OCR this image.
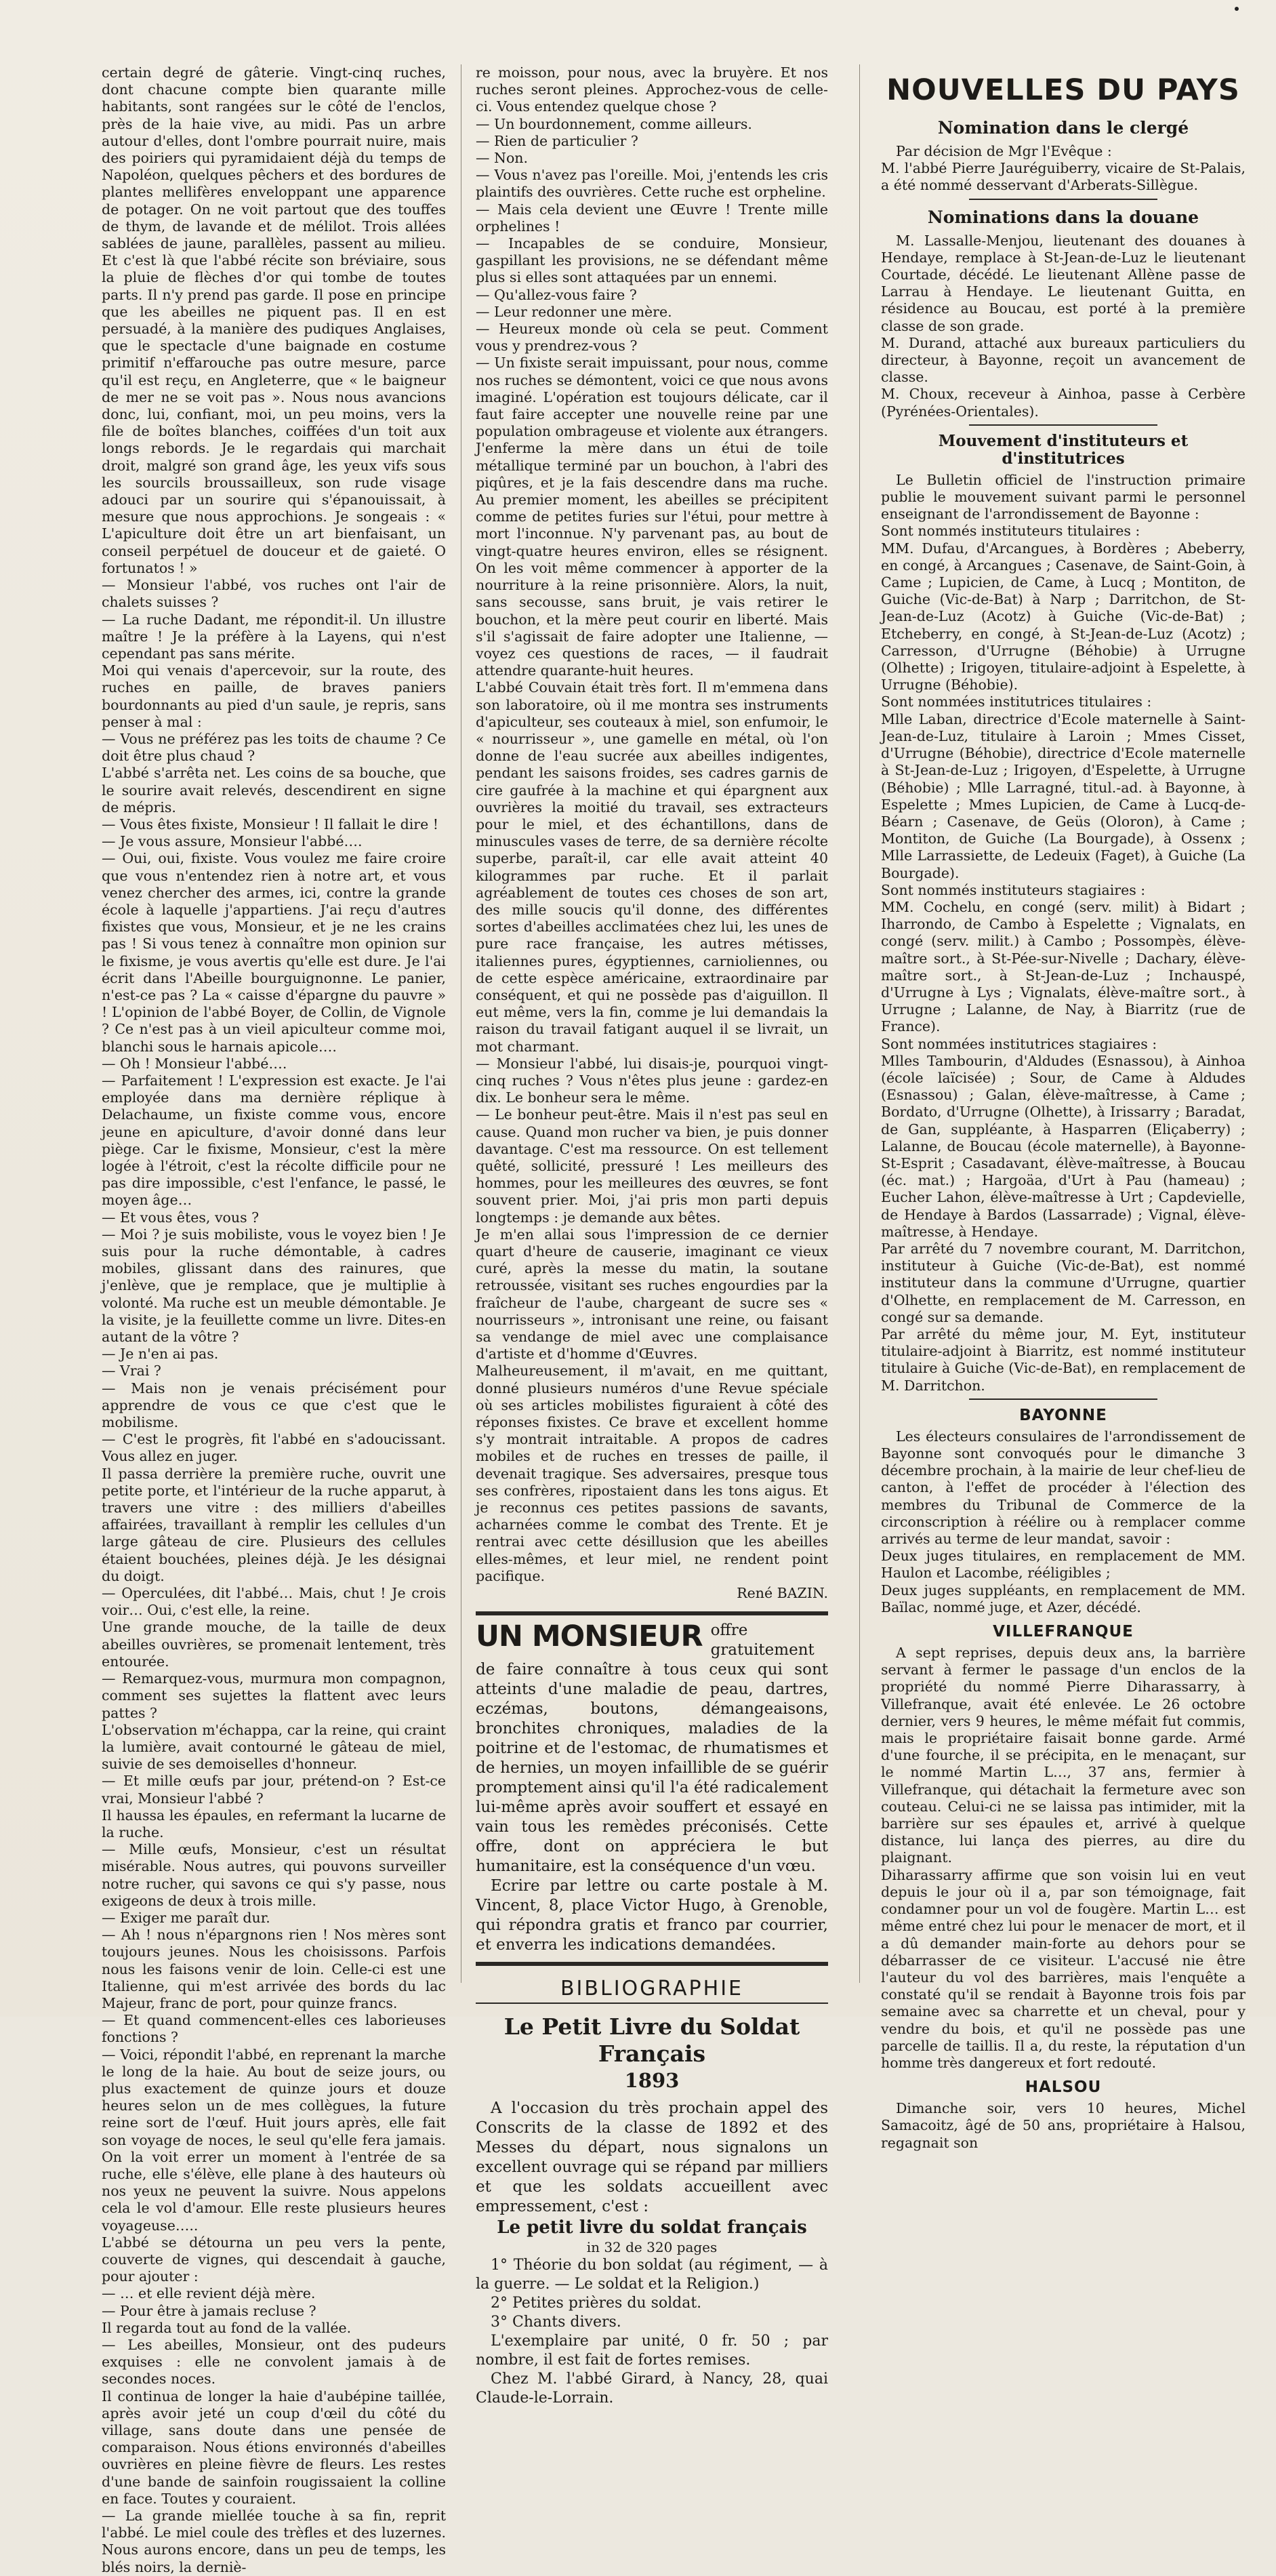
certain degré de gâterie. Vingt-cinq ruches, dont chacune compte bien quarante mille habitants, sont rangées sur le côté de l'enclos, près de la haie vive, au midi. Pas un arbre autour d'elles, dont l'ombre pourrait nuire, mais des poiriers qui pyramidaient déjà du temps de Napoléon, quelques pêchers et des bordures de plantes mellifères enveloppant une apparence de potager. On ne voit partout que des touffes de thym, de lavande et de mélilot. Trois allées sablées de jaune, parallèles, passent au milieu. Et c'est là que l'abbé récite son bréviaire, sous la pluie de flèches d'or qui tombe de toutes parts. Il n'y prend pas garde. Il pose en principe que les abeilles ne piquent pas. Il en est persuadé, à la manière des pudiques Anglaises, que le spectacle d'une baignade en costume primitif n'effarouche pas outre mesure, parce qu'il est reçu, en Angleterre, que « le baigneur de mer ne se voit pas ». Nous nous avancions donc, lui, confiant, moi, un peu moins, vers la file de boîtes blanches, coiffées d'un toit aux longs rebords. Je le regardais qui marchait droit, malgré son grand âge, les yeux vifs sous les sourcils broussailleux, son rude visage adouci par un sourire qui s'épanouissait, à mesure que nous approchions. Je songeais : « L'apiculture doit être un art bienfaisant, un conseil perpétuel de douceur et de gaieté. O fortunatos ! »
— Monsieur l'abbé, vos ruches ont l'air de chalets suisses ?
— La ruche Dadant, me répondit-il. Un illustre maître ! Je la préfère à la Layens, qui n'est cependant pas sans mérite.
Moi qui venais d'apercevoir, sur la route, des ruches en paille, de braves paniers bourdonnants au pied d'un saule, je repris, sans penser à mal :
— Vous ne préférez pas les toits de chaume ? Ce doit être plus chaud ?
L'abbé s'arrêta net. Les coins de sa bouche, que le sourire avait relevés, descendirent en signe de mépris.
— Vous êtes fixiste, Monsieur ! Il fallait le dire !
— Je vous assure, Monsieur l'abbé….
— Oui, oui, fixiste. Vous voulez me faire croire que vous n'entendez rien à notre art, et vous venez chercher des armes, ici, contre la grande école à laquelle j'appartiens. J'ai reçu d'autres fixistes que vous, Monsieur, et je ne les crains pas ! Si vous tenez à connaître mon opinion sur le fixisme, je vous avertis qu'elle est dure. Je l'ai écrit dans l'Abeille bourguignonne. Le panier, n'est-ce pas ? La « caisse d'épargne du pauvre » ! L'opinion de l'abbé Boyer, de Collin, de Vignole ? Ce n'est pas à un vieil apiculteur comme moi, blanchi sous le harnais apicole….
— Oh ! Monsieur l'abbé….
— Parfaitement ! L'expression est exacte. Je l'ai employée dans ma dernière réplique à Delachaume, un fixiste comme vous, encore jeune en apiculture, d'avoir donné dans leur piège. Car le fixisme, Monsieur, c'est la mère logée à l'étroit, c'est la récolte difficile pour ne pas dire impossible, c'est l'enfance, le passé, le moyen âge…
— Et vous êtes, vous ?
— Moi ? je suis mobiliste, vous le voyez bien ! Je suis pour la ruche démontable, à cadres mobiles, glissant dans des rainures, que j'enlève, que je remplace, que je multiplie à volonté. Ma ruche est un meuble démontable. Je la visite, je la feuillette comme un livre. Dites-en autant de la vôtre ?
— Je n'en ai pas.
— Vrai ?
— Mais non je venais précisément pour apprendre de vous ce que c'est que le mobilisme.
— C'est le progrès, fit l'abbé en s'adoucissant. Vous allez en juger.
Il passa derrière la première ruche, ouvrit une petite porte, et l'intérieur de la ruche apparut, à travers une vitre : des milliers d'abeilles affairées, travaillant à remplir les cellules d'un large gâteau de cire. Plusieurs des cellules étaient bouchées, pleines déjà. Je les désignai du doigt.
— Operculées, dit l'abbé… Mais, chut ! Je crois voir… Oui, c'est elle, la reine.
Une grande mouche, de la taille de deux abeilles ouvrières, se promenait lentement, très entourée.
— Remarquez-vous, murmura mon compagnon, comment ses sujettes la flattent avec leurs pattes ?
L'observation m'échappa, car la reine, qui craint la lumière, avait contourné le gâteau de miel, suivie de ses demoiselles d'honneur.
— Et mille œufs par jour, prétend-on ? Est-ce vrai, Monsieur l'abbé ?
Il haussa les épaules, en refermant la lucarne de la ruche.
— Mille œufs, Monsieur, c'est un résultat misérable. Nous autres, qui pouvons surveiller notre rucher, qui savons ce qui s'y passe, nous exigeons de deux à trois mille.
— Exiger me paraît dur.
— Ah ! nous n'épargnons rien ! Nos mères sont toujours jeunes. Nous les choisissons. Parfois nous les faisons venir de loin. Celle-ci est une Italienne, qui m'est arrivée des bords du lac Majeur, franc de port, pour quinze francs.
— Et quand commencent-elles ces laborieuses fonctions ?
— Voici, répondit l'abbé, en reprenant la marche le long de la haie. Au bout de seize jours, ou plus exactement de quinze jours et douze heures selon un de mes collègues, la future reine sort de l'œuf. Huit jours après, elle fait son voyage de noces, le seul qu'elle fera jamais. On la voit errer un moment à l'entrée de sa ruche, elle s'élève, elle plane à des hauteurs où nos yeux ne peuvent la suivre. Nous appelons cela le vol d'amour. Elle reste plusieurs heures voyageuse…..
L'abbé se détourna un peu vers la pente, couverte de vignes, qui descendait à gauche, pour ajouter :
— … et elle revient déjà mère.
— Pour être à jamais recluse ?
Il regarda tout au fond de la vallée.
— Les abeilles, Monsieur, ont des pudeurs exquises : elle ne convolent jamais à de secondes noces.
Il continua de longer la haie d'aubépine taillée, après avoir jeté un coup d'œil du côté du village, sans doute dans une pensée de comparaison. Nous étions environnés d'abeilles ouvrières en pleine fièvre de fleurs. Les restes d'une bande de sainfoin rougissaient la colline en face. Toutes y couraient.
— La grande miellée touche à sa fin, reprit l'abbé. Le miel coule des trèfles et des luzernes. Nous aurons encore, dans un peu de temps, les blés noirs, la derniè-

re moisson, pour nous, avec la bruyère. Et nos ruches seront pleines. Approchez-vous de celle-ci. Vous entendez quelque chose ?
— Un bourdonnement, comme ailleurs.
— Rien de particulier ?
— Non.
— Vous n'avez pas l'oreille. Moi, j'entends les cris plaintifs des ouvrières. Cette ruche est orpheline.
— Mais cela devient une Œuvre ! Trente mille orphelines !
— Incapables de se conduire, Monsieur, gaspillant les provisions, ne se défendant même plus si elles sont attaquées par un ennemi.
— Qu'allez-vous faire ?
— Leur redonner une mère.
— Heureux monde où cela se peut. Comment vous y prendrez-vous ?
— Un fixiste serait impuissant, pour nous, comme nos ruches se démontent, voici ce que nous avons imaginé. L'opération est toujours délicate, car il faut faire accepter une nouvelle reine par une population ombrageuse et violente aux étrangers. J'enferme la mère dans un étui de toile métallique terminé par un bouchon, à l'abri des piqûres, et je la fais descendre dans ma ruche. Au premier moment, les abeilles se précipitent comme de petites furies sur l'étui, pour mettre à mort l'inconnue. N'y parvenant pas, au bout de vingt-quatre heures environ, elles se résignent. On les voit même commencer à apporter de la nourriture à la reine prisonnière. Alors, la nuit, sans secousse, sans bruit, je vais retirer le bouchon, et la mère peut courir en liberté. Mais s'il s'agissait de faire adopter une Italienne, — voyez ces questions de races, — il faudrait attendre quarante-huit heures.
L'abbé Couvain était très fort. Il m'emmena dans son laboratoire, où il me montra ses instruments d'apiculteur, ses couteaux à miel, son enfumoir, le « nourrisseur », une gamelle en métal, où l'on donne de l'eau sucrée aux abeilles indigentes, pendant les saisons froides, ses cadres garnis de cire gaufrée à la machine et qui épargnent aux ouvrières la moitié du travail, ses extracteurs pour le miel, et des échantillons, dans de minuscules vases de terre, de sa dernière récolte superbe, paraît-il, car elle avait atteint 40 kilogrammes par ruche. Et il parlait agréablement de toutes ces choses de son art, des mille soucis qu'il donne, des différentes sortes d'abeilles acclimatées chez lui, les unes de pure race française, les autres métisses, italiennes pures, égyptiennes, carnioliennes, ou de cette espèce américaine, extraordinaire par conséquent, et qui ne possède pas d'aiguillon. Il eut même, vers la fin, comme je lui demandais la raison du travail fatigant auquel il se livrait, un mot charmant.
— Monsieur l'abbé, lui disais-je, pourquoi vingt-cinq ruches ? Vous n'êtes plus jeune : gardez-en dix. Le bonheur sera le même.
— Le bonheur peut-être. Mais il n'est pas seul en cause. Quand mon rucher va bien, je puis donner davantage. C'est ma ressource. On est tellement quêté, sollicité, pressuré ! Les meilleurs des hommes, pour les meilleures des œuvres, se font souvent prier. Moi, j'ai pris mon parti depuis longtemps : je demande aux bêtes.
Je m'en allai sous l'impression de ce dernier quart d'heure de causerie, imaginant ce vieux curé, après la messe du matin, la soutane retroussée, visitant ses ruches engourdies par la fraîcheur de l'aube, chargeant de sucre ses « nourrisseurs », intronisant une reine, ou faisant sa vendange de miel avec une complaisance d'artiste et d'homme d'Œuvres.
Malheureusement, il m'avait, en me quittant, donné plusieurs numéros d'une Revue spéciale où ses articles mobilistes figuraient à côté des réponses fixistes. Ce brave et excellent homme s'y montrait intraitable. A propos de cadres mobiles et de ruches en tresses de paille, il devenait tragique. Ses adversaires, presque tous ses confrères, ripostaient dans les tons aigus. Et je reconnus ces petites passions de savants, acharnées comme le combat des Trente. Et je rentrai avec cette désillusion que les abeilles elles-mêmes, et leur miel, ne rendent point pacifique.

René BAZIN.
UN MONSIEUR offre gratuitement de faire connaître à tous ceux qui sont atteints d'une maladie de peau, dartres, eczémas, boutons, démangeaisons, bronchites chroniques, maladies de la poitrine et de l'estomac, de rhumatismes et de hernies, un moyen infaillible de se guérir promptement ainsi qu'il l'a été radicalement lui-même après avoir souffert et essayé en vain tous les remèdes préconisés. Cette offre, dont on appréciera le but humanitaire, est la conséquence d'un vœu.
Ecrire par lettre ou carte postale à M. Vincent, 8, place Victor Hugo, à Grenoble, qui répondra gratis et franco par courrier, et enverra les indications demandées.
BIBLIOGRAPHIE
Le Petit Livre du Soldat Français
1893

A l'occasion du très prochain appel des Conscrits de la classe de 1892 et des Messes du départ, nous signalons un excellent ouvrage qui se répand par milliers et que les soldats accueillent avec empressement, c'est :

Le petit livre du soldat français
in 32 de 320 pages

1° Théorie du bon soldat (au régiment, — à la guerre. — Le soldat et la Religion.)

2° Petites prières du soldat.

3° Chants divers.

L'exemplaire par unité, 0 fr. 50 ; par nombre, il est fait de fortes remises.

Chez M. l'abbé Girard, à Nancy, 28, quai Claude-le-Lorrain.

NOUVELLES DU PAYS
Nomination dans le clergé

Par décision de Mgr l'Evêque :
M. l'abbé Pierre Jauréguiberry, vicaire de St-Palais, a été nommé desservant d'Arberats-Sillègue.

Nominations dans la douane

M. Lassalle-Menjou, lieutenant des douanes à Hendaye, remplace à St-Jean-de-Luz le lieutenant Courtade, décédé. Le lieutenant Allène passe de Larrau à Hendaye. Le lieutenant Guitta, en résidence au Boucau, est porté à la première classe de son grade.
M. Durand, attaché aux bureaux particuliers du directeur, à Bayonne, reçoit un avancement de classe.
M. Choux, receveur à Ainhoa, passe à Cerbère (Pyrénées-Orientales).

Mouvement d'instituteurs et d'institutrices

Le Bulletin officiel de l'instruction primaire publie le mouvement suivant parmi le personnel enseignant de l'arrondissement de Bayonne :
Sont nommés instituteurs titulaires :
MM. Dufau, d'Arcangues, à Bordères ; Abeberry, en congé, à Arcangues ; Casenave, de Saint-Goin, à Came ; Lupicien, de Came, à Lucq ; Montiton, de Guiche (Vic-de-Bat) à Narp ; Darritchon, de St-Jean-de-Luz (Acotz) à Guiche (Vic-de-Bat) ; Etcheberry, en congé, à St-Jean-de-Luz (Acotz) ; Carresson, d'Urrugne (Béhobie) à Urrugne (Olhette) ; Irigoyen, titulaire-adjoint à Espelette, à Urrugne (Béhobie).
Sont nommées institutrices titulaires :
Mlle Laban, directrice d'Ecole maternelle à Saint-Jean-de-Luz, titulaire à Laroin ; Mmes Cisset, d'Urrugne (Béhobie), directrice d'Ecole maternelle à St-Jean-de-Luz ; Irigoyen, d'Espelette, à Urrugne (Béhobie) ; Mlle Larragné, titul.-ad. à Bayonne, à Espelette ; Mmes Lupicien, de Came à Lucq-de-Béarn ; Casenave, de Geüs (Oloron), à Came ; Montiton, de Guiche (La Bourgade), à Ossenx ; Mlle Larrassiette, de Ledeuix (Faget), à Guiche (La Bourgade).
Sont nommés instituteurs stagiaires :
MM. Cochelu, en congé (serv. milit) à Bidart ; Iharrondo, de Cambo à Espelette ; Vignalats, en congé (serv. milit.) à Cambo ; Possompès, élève-maître sort., à St-Pée-sur-Nivelle ; Dachary, élève-maître sort., à St-Jean-de-Luz ; Inchauspé, d'Urrugne à Lys ; Vignalats, élève-maître sort., à Urrugne ; Lalanne, de Nay, à Biarritz (rue de France).
Sont nommées institutrices stagiaires :
Mlles Tambourin, d'Aldudes (Esnassou), à Ainhoa (école laïcisée) ; Sour, de Came à Aldudes (Esnassou) ; Galan, élève-maîtresse, à Came ; Bordato, d'Urrugne (Olhette), à Irissarry ; Baradat, de Gan, suppléante, à Hasparren (Eliçaberry) ; Lalanne, de Boucau (école maternelle), à Bayonne-St-Esprit ; Casadavant, élève-maîtresse, à Boucau (éc. mat.) ; Hargoäa, d'Urt à Pau (hameau) ; Eucher Lahon, élève-maîtresse à Urt ; Capdevielle, de Hendaye à Bardos (Lassarrade) ; Vignal, élève-maîtresse, à Hendaye.
Par arrêté du 7 novembre courant, M. Darritchon, instituteur à Guiche (Vic-de-Bat), est nommé instituteur dans la commune d'Urrugne, quartier d'Olhette, en remplacement de M. Carresson, en congé sur sa demande.
Par arrêté du même jour, M. Eyt, instituteur titulaire-adjoint à Biarritz, est nommé instituteur titulaire à Guiche (Vic-de-Bat), en remplacement de M. Darritchon.

BAYONNE

Les électeurs consulaires de l'arrondissement de Bayonne sont convoqués pour le dimanche 3 décembre prochain, à la mairie de leur chef-lieu de canton, à l'effet de procéder à l'élection des membres du Tribunal de Commerce de la circonscription à réélire ou à remplacer comme arrivés au terme de leur mandat, savoir :
Deux juges titulaires, en remplacement de MM. Haulon et Lacombe, rééligibles ;
Deux juges suppléants, en remplacement de MM. Baïlac, nommé juge, et Azer, décédé.

VILLEFRANQUE

A sept reprises, depuis deux ans, la barrière servant à fermer le passage d'un enclos de la propriété du nommé Pierre Diharassarry, à Villefranque, avait été enlevée. Le 26 octobre dernier, vers 9 heures, le même méfait fut commis, mais le propriétaire faisait bonne garde. Armé d'une fourche, il se précipita, en le menaçant, sur le nommé Martin L…, 37 ans, fermier à Villefranque, qui détachait la fermeture avec son couteau. Celui-ci ne se laissa pas intimider, mit la barrière sur ses épaules et, arrivé à quelque distance, lui lança des pierres, au dire du plaignant.
Diharassarry affirme que son voisin lui en veut depuis le jour où il a, par son témoignage, fait condamner pour un vol de fougère. Martin L… est même entré chez lui pour le menacer de mort, et il a dû demander main-forte au dehors pour se débarrasser de ce visiteur. L'accusé nie être l'auteur du vol des barrières, mais l'enquête a constaté qu'il se rendait à Bayonne trois fois par semaine avec sa charrette et un cheval, pour y vendre du bois, et qu'il ne possède pas une parcelle de taillis. Il a, du reste, la réputation d'un homme très dangereux et fort redouté.

HALSOU

Dimanche soir, vers 10 heures, Michel Samacoitz, âgé de 50 ans, propriétaire à Halsou, regagnait son
